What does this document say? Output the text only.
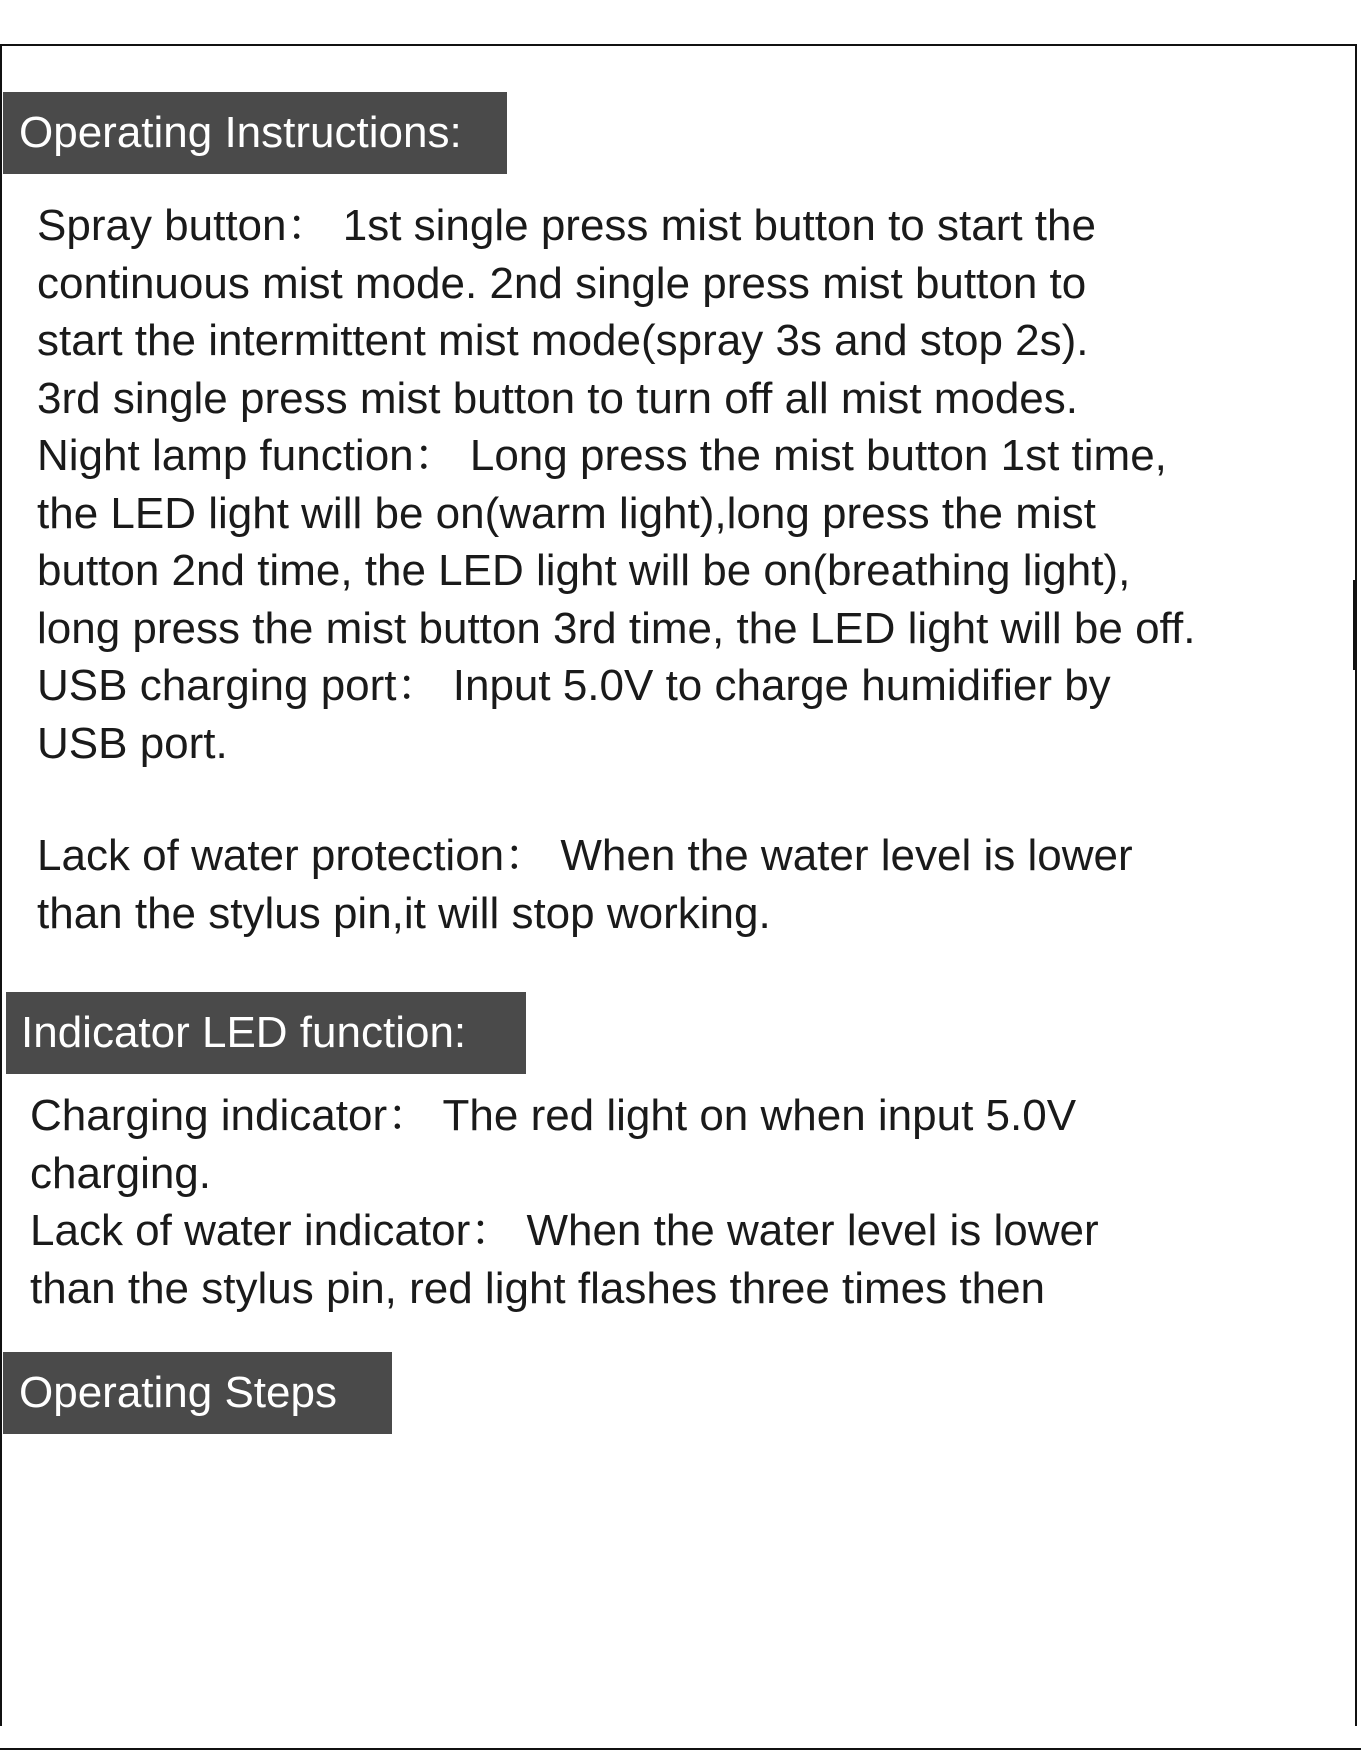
Operating Instructions:
Spray button： 1st single press mist button to start the
continuous mist mode. 2nd single press mist button to
start the intermittent mist mode(spray 3s and stop 2s).
3rd single press mist button to turn off all mist modes.
Night lamp function： Long press the mist button 1st time,
the LED light will be on(warm light),long press the mist
button 2nd time, the LED light will be on(breathing light),
long press the mist button 3rd time, the LED light will be off.
USB charging port： Input 5.0V to charge humidifier by
USB port.
Lack of water protection： When the water level is lower
than the stylus pin,it will stop working.
Indicator LED function:
Charging indicator： The red light on when input 5.0V
charging.
Lack of water indicator： When the water level is lower
than the stylus pin, red light flashes three times then
Operating Steps
